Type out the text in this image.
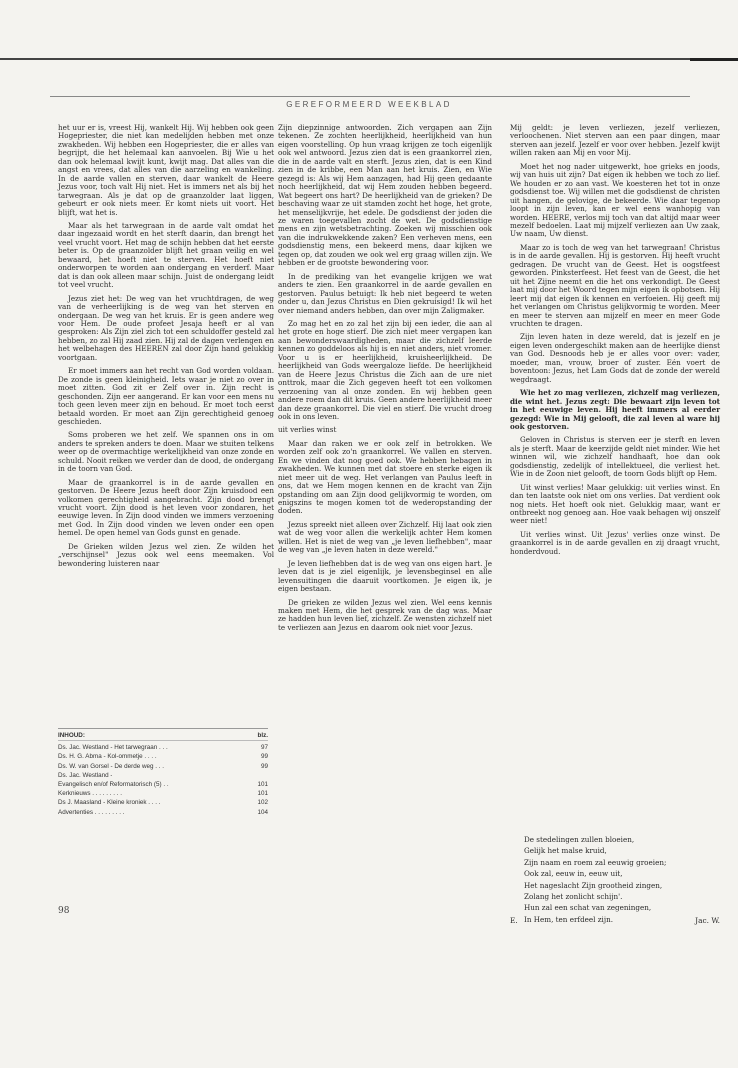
GEREFORMEERD WEEKBLAD

het uur er is, vreest Hij, wankelt Hij. Wij hebben ook geen Hogepriester, die niet kan medelijden hebben met onze zwakheden. Wij hebben een Hogepriester, die er alles van begrijpt, die het helemaal kan aanvoelen. Bij Wie u het dan ook helemaal kwijt kunt, kwijt mag. Dat alles van die angst en vrees, dat alles van die aarzeling en wankeling. In de aarde vallen en sterven, daar wankelt de Heere Jezus voor, toch valt Hij niet. Het is immers net als bij het tarwegraan. Als je dat op de graanzolder laat liggen, gebeurt er ook niets meer. Er komt niets uit voort. Het blijft, wat het is.

Maar als het tarwegraan in de aarde valt omdat het daar ingezaaid wordt en het sterft daarin, dan brengt het veel vrucht voort. Het mag de schijn hebben dat het eerste beter is. Op de graanzolder blijft het graan veilig en wel bewaard, het hoeft niet te sterven. Het hoeft niet onderworpen te worden aan ondergang en verderf. Maar dat is dan ook alleen maar schijn. Juist de ondergang leidt tot veel vrucht.

Jezus ziet het: De weg van het vruchtdragen, de weg van de verheerlijking is de weg van het sterven en ondergaan. De weg van het kruis. Er is geen andere weg voor Hem. De oude profeet Jesaja heeft er al van gesproken: Als Zijn ziel zich tot een schuldoffer gesteld zal hebben, zo zal Hij zaad zien. Hij zal de dagen verlengen en het welbehagen des HEEREN zal door Zijn hand gelukkig voortgaan.

Er moet immers aan het recht van God worden voldaan. De zonde is geen kleinigheid. Iets waar je niet zo over in moet zitten. God zit er Zelf over in. Zijn recht is geschonden. Zijn eer aangerand. Er kan voor een mens nu toch geen leven meer zijn en behoud. Er moet toch eerst betaald worden. Er moet aan Zijn gerechtigheid genoeg geschieden.

Soms proberen we het zelf. We spannen ons in om anders te spreken anders te doen. Maar we stuiten telkens weer op de overmachtige werkelijkheid van onze zonde en schuld. Nooit reiken we verder dan de dood, de ondergang in de toorn van God.

Maar de graankorrel is in de aarde gevallen en gestorven. De Heere Jezus heeft door Zijn kruisdood een volkomen gerechtigheid aangebracht. Zijn dood brengt vrucht voort. Zijn dood is het leven voor zondaren, het eeuwige leven. In Zijn dood vinden we immers verzoening met God. In Zijn dood vinden we leven onder een open hemel. De open hemel van Gods gunst en genade.

De Grieken wilden Jezus wel zien. Ze wilden het „verschijnsel" Jezus ook wel eens meemaken. Vol bewondering luisteren naar

INHOUD:	blz.
Ds. Jac. Westland - Het tarwegraan . . .	97
Ds. H. G. Abma - Kol-ommetje . . . .	99
Ds. W. van Gorsel - De derde weg . . .	99
Ds. Jac. Westland -
Evangelisch en/of Reformatorisch (5) . .	101
Kerknieuws . . . . . . . . .	101
Ds J. Maasland - Kleine kroniek . . . .	102
Advertenties . . . . . . . . .	104
98

Zijn diepzinnige antwoorden. Zich vergapen aan Zijn tekenen. Ze zochten heerlijkheid, heerlijkheid van hun eigen voorstelling. Op hun vraag krijgen ze toch eigenlijk ook wel antwoord. Jezus zien dat is een graankorrel zien, die in de aarde valt en sterft. Jezus zien, dat is een Kind zien in de kribbe, een Man aan het kruis. Zien, en Wie gezegd is: Als wij Hem aanzagen, had Hij geen gedaante noch heerlijkheid, dat wij Hem zouden hebben begeerd. Wat begeert ons hart? De heerlijkheid van de grieken? De beschaving waar ze uit stamden zocht het hoge, het grote, het menselijkvrije, het edele. De godsdienst der joden die ze waren toegevallen zocht de wet. De godsdienstige mens en zijn wetsbetrachting. Zoeken wij misschien ook van die indrukwekkende zaken? Een verheven mens, een godsdienstig mens, een bekeerd mens, daar kijken we tegen op, dat zouden we ook wel erg graag willen zijn. We hebben er de grootste bewondering voor.

In de prediking van het evangelie krijgen we wat anders te zien. Een graankorrel in de aarde gevallen en gestorven. Paulus betuigt: Ik heb niet begeerd te weten onder u, dan Jezus Christus en Dien gekruisigd! Ik wil het over niemand anders hebben, dan over mijn Zaligmaker.

Zo mag het en zo zal het zijn bij een ieder, die aan al het grote en hoge stierf. Die zich niet meer vergapen kan aan bewonderswaardigheden, maar die zichzelf leerde kennen zo goddeloos als hij is en niet anders, niet vromer. Voor u is er heerlijkheid, kruisheerlijkheid. De heerlijkheid van Gods weergaloze liefde. De heerlijkheid van de Heere Jezus Christus die Zich aan de ure niet onttrok, maar die Zich gegeven heeft tot een volkomen verzoening van al onze zonden. En wij hebben geen andere roem dan dit kruis. Geen andere heerlijkheid meer dan deze graankorrel. Die viel en stierf. Die vrucht droeg ook in ons leven.

uit verlies winst

Maar dan raken we er ook zelf in betrokken. We worden zelf ook zo'n graankorrel. We vallen en sterven. En we vinden dat nog goed ook. We hebben hebagen in zwakheden. We kunnen met dat stoere en sterke eigen ik niet meer uit de weg. Het verlangen van Paulus leeft in ons, dat we Hem mogen kennen en de kracht van Zijn opstanding om aan Zijn dood gelijkvormig te worden, om enigszins te mogen komen tot de wederopstanding der doden.

Jezus spreekt niet alleen over Zichzelf. Hij laat ook zien wat de weg voor allen die werkelijk achter Hem komen willen. Het is niet de weg van „je leven liefhebben", maar de weg van „je leven haten in deze wereld."

Je leven liefhebben dat is de weg van ons eigen hart. Je leven dat is je ziel eigenlijk, je levensbeginsel en alle levensuitingen die daaruit voortkomen. Je eigen ik, je eigen bestaan.

De grieken ze wilden Jezus wel zien. Wel eens kennis maken met Hem, die het gesprek van de dag was. Maar ze hadden hun leven lief, zichzelf. Ze wensten zichzelf niet te verliezen aan Jezus en daarom ook niet voor Jezus.

Mij geldt: je leven verliezen, jezelf verliezen, verloochenen. Niet sterven aan een paar dingen, maar sterven aan jezelf. Jezelf er voor over hebben. Jezelf kwijt willen raken aan Mij en voor Mij.

Moet het nog nader uitgewerkt, hoe grieks en joods, wij van huis uit zijn? Dat eigen ik hebben we toch zo lief. We houden er zo aan vast. We koesteren het tot in onze godsdienst toe. Wij willen met die godsdienst de christen uit hangen, de gelovige, de bekeerde. Wie daar tegenop loopt in zijn leven, kan er wel eens wanhopig van worden. HEERE, verlos mij toch van dat altijd maar weer mezelf bedoelen. Laat mij mijzelf verliezen aan Uw zaak, Uw naam, Uw dienst.

Maar zo is toch de weg van het tarwegraan! Christus is in de aarde gevallen. Hij is gestorven. Hij heeft vrucht gedragen. De vrucht van de Geest. Het is oogstfeest geworden. Pinksterfeest. Het feest van de Geest, die het uit het Zijne neemt en die het ons verkondigt. De Geest laat mij door het Woord tegen mijn eigen ik opbotsen. Hij leert mij dat eigen ik kennen en verfoeien. Hij geeft mij het verlangen om Christus gelijkvormig te worden. Meer en meer te sterven aan mijzelf en meer en meer Gode vruchten te dragen.

Zijn leven haten in deze wereld, dat is jezelf en je eigen leven ondergeschikt maken aan de heerlijke dienst van God. Desnoods heb je er alles voor over: vader, moeder, man, vrouw, broer of zuster. Eén voert de boventoon: Jezus, het Lam Gods dat de zonde der wereld wegdraagt.

Wie het zo mag verliezen, zichzelf mag verliezen, die wint het. Jezus zegt: Die bewaart zijn leven tot in het eeuwige leven. Hij heeft immers al eerder gezegd: Wie in Mij gelooft, die zal leven al ware hij ook gestorven.

Geloven in Christus is sterven eer je sterft en leven als je sterft. Maar de keerzijde geldt niet minder. Wie het winnen wil, wie zichzelf handhaaft, hoe dan ook godsdienstig, zedelijk of intellektueel, die verliest het. Wie in de Zoon niet gelooft, de toorn Gods blijft op Hem.

Uit winst verlies! Maar gelukkig: uit verlies winst. En dan ten laatste ook niet om ons verlies. Dat verdient ook nog niets. Het hoeft ook niet. Gelukkig maar, want er ontbreekt nog genoeg aan. Hoe vaak behagen wij onszelf weer niet!

Uit verlies winst. Uit Jezus' verlies onze winst. De graankorrel is in de aarde gevallen en zij draagt vrucht, honderdvoud.

De stedelingen zullen bloeien,
Gelijk het malse kruid,
Zijn naam en roem zal eeuwig groeien;
Ook zal, eeuw in, eeuw uit,
Het nageslacht Zijn grootheid zingen,
Zolang het zonlicht schijn'.
Hun zal een schat van zegeningen,
In Hem, ten erfdeel zijn.
E.	Jac. W.
